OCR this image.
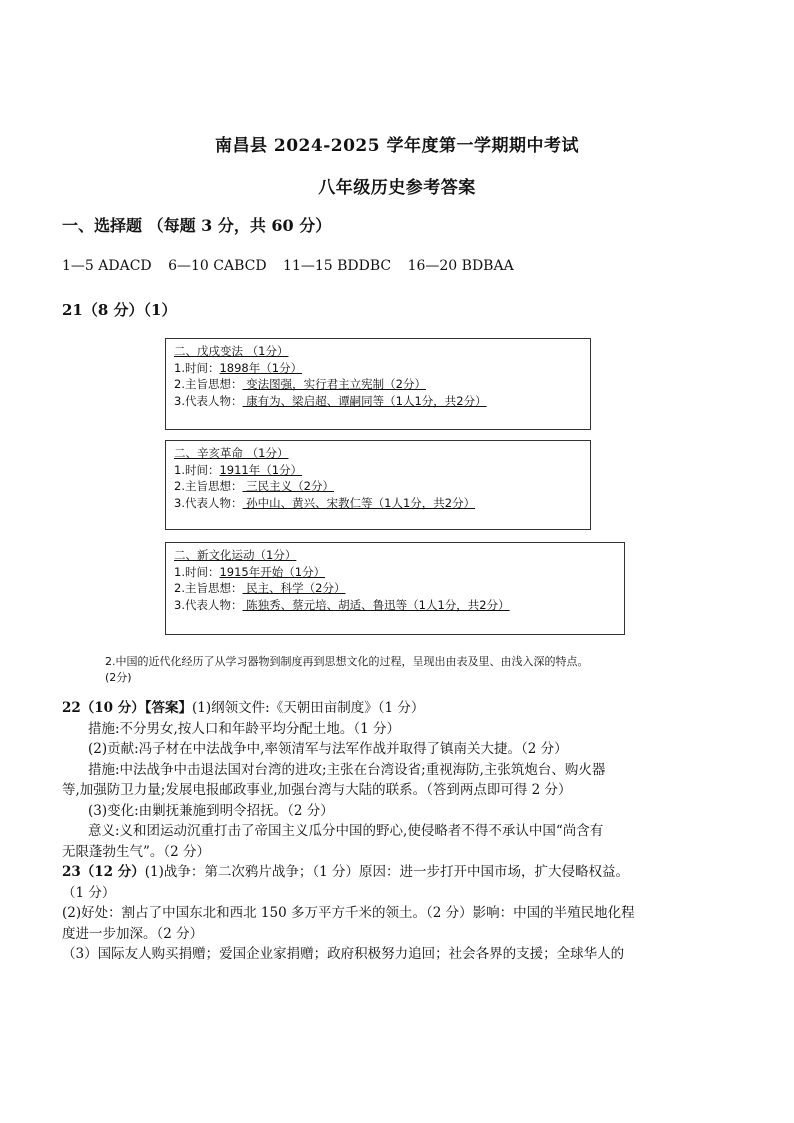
南昌县 2024-2025 学年度第一学期期中考试
八年级历史参考答案
一、选择题 （每题 3 分，共 60 分）
1—5 ADACD 6—10 CABCD 11—15 BDDBC 16—20 BDBAA
21（8 分）（1）
二、戊戌变法 （1分）
1.时间：1898年（1分）
2.主旨思想： 变法图强，实行君主立宪制（2分）
3.代表人物： 康有为、梁启超、谭嗣同等（1人1分，共2分）
二、辛亥革命 （1分）
1.时间：1911年（1分）
2.主旨思想： 三民主义（2分）
3.代表人物： 孙中山、黄兴、宋教仁等（1人1分，共2分）
二、新文化运动（1分）
1.时间：1915年开始（1分）
2.主旨思想： 民主、科学（2分）
3.代表人物： 陈独秀、蔡元培、胡适、鲁迅等（1人1分，共2分）
2.中国的近代化经历了从学习器物到制度再到思想文化的过程，呈现出由表及里、由浅入深的特点。
(2分)
22（10 分）【答案】(1)纲领文件:《天朝田亩制度》（1 分）
措施:不分男女,按人口和年龄平均分配土地。（1 分）
(2)贡献:冯子材在中法战争中,率领清军与法军作战并取得了镇南关大捷。（2 分）
措施:中法战争中击退法国对台湾的进攻;主张在台湾设省;重视海防,主张筑炮台、购火器
等,加强防卫力量;发展电报邮政事业,加强台湾与大陆的联系。（答到两点即可得 2 分）
(3)变化:由剿抚兼施到明令招抚。（2 分）
意义:义和团运动沉重打击了帝国主义瓜分中国的野心,使侵略者不得不承认中国“尚含有
无限蓬勃生气”。（2 分）
23（12 分）(1)战争：第二次鸦片战争；（1 分）原因：进一步打开中国市场，扩大侵略权益。
（1 分）
(2)好处：割占了中国东北和西北 150 多万平方千米的领土。（2 分）影响：中国的半殖民地化程
度进一步加深。（2 分）
（3）国际友人购买捐赠；爱国企业家捐赠；政府积极努力追回；社会各界的支援；全球华人的
